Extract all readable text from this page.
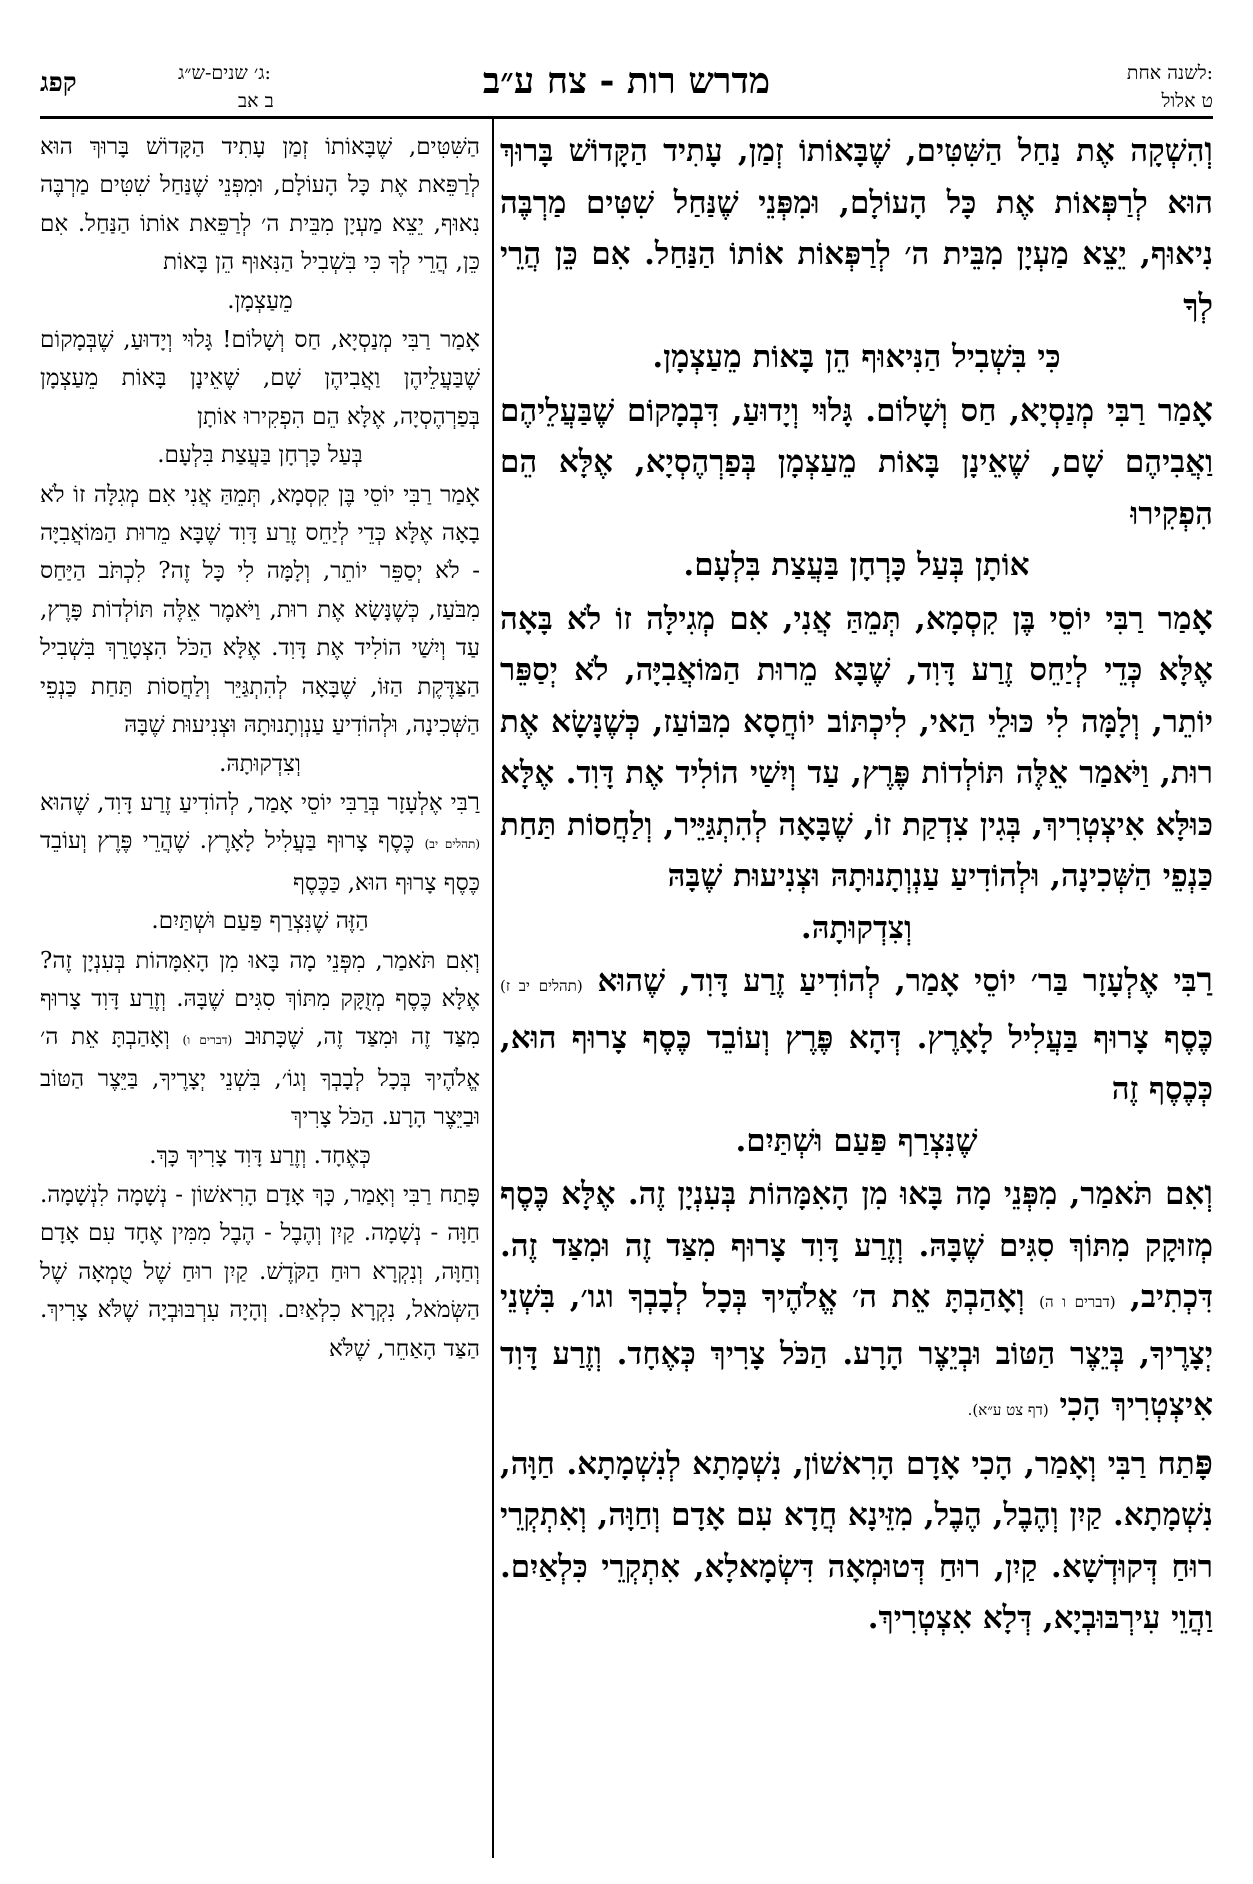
לשנה אחת:
ט אלול
מדרש רות - צח ע״ב
ג׳ שנים-ש״ג:
ב אב
קפג

וְהִשְׁקָה אֶת נַחַל הַשִּׁטִּים, שֶׁבָּאוֹתוֹ זְמַן, עָתִיד הַקָּדוֹשׁ בָּרוּךְ הוּא לְרַפְּאוֹת אֶת כָּל הָעוֹלָם, וּמִפְּנֵי שֶׁנַּחַל שִׁטִּים מַרְבֶּה נִיאוּף, יֵצֵא מַעְיָן מִבֵּית ה׳ לְרַפְּאוֹת אוֹתוֹ הַנַּחַל. אִם כֵּן הֲרֵי לְךָ

כִּי בִּשְׁבִיל הַנִּיאוּף הֵן בָּאוֹת מֵעַצְמָן.

אָמַר רַבִּי מְנַסְיָא, חַס וְשָׁלוֹם. גָּלוּי וְיָדוּעַ, דִּבְמָקוֹם שֶׁבַּעֲלֵיהֶם וַאֲבִיהֶם שָׁם, שֶׁאֵינָן בָּאוֹת מֵעַצְמָן בְּפַרְהֶסְיָא, אֶלָּא הֵם הִפְקִירוּ

אוֹתָן בְּעַל כָּרְחָן בַּעֲצַת בִּלְעָם.

אָמַר רַבִּי יוֹסֵי בֶּן קִסְמָא, תְּמֵהַּ אֲנִי, אִם מְגִילָּה זוֹ לֹא בָּאָה אֶלָּא כְּדֵי לְיַחֵס זֶרַע דָּוִד, שֶׁבָּא מֵרוּת הַמּוֹאֲבִיָּה, לֹא יְסַפֵּר יוֹתֵר, וְלָמָּה לִי כּוּלֵי הַאי, לִיכְתּוֹב יוֹחֲסָא מִבּוֹעַז, כְּשֶׁנָּשָׂא אֶת רוּת, וַיֹּאמַר אֵלֶּה תּוֹלְדוֹת פֶּרֶץ, עַד וְיִשַׁי הוֹלִיד אֶת דָּוִד. אֶלָּא כּוּלָּא אִיצְטְרִיךְ, בְּגִין צִדְקַת זוֹ, שֶׁבָּאָה לְהִתְגַּיֵּיר, וְלַחֲסוֹת תַּחַת כַּנְפֵי הַשְּׁכִינָה, וּלְהוֹדִיעַ עַנְוְתָנוּתָהּ וּצְנִיעוּת שֶׁבָּהּ

וְצִדְקוּתָהּ.

רַבִּי אֶלְעָזָר בַּר׳ יוֹסֵי אָמַר, לְהוֹדִיעַ זֶרַע דָּוִד, שֶׁהוּא (תהלים יב ז) כֶּסֶף צָרוּף בַּעֲלִיל לָאָרֶץ. דְּהָא פֶּרֶץ וְעוֹבֵד כֶּסֶף צָרוּף הוּא, כְּכֶסֶף זֶה

שֶׁנִּצְרַף פַּעַם וּשְׁתַּיִם.

וְאִם תֹּאמַר, מִפְּנֵי מָה בָּאוּ מִן הָאִמָּהוֹת בְּעִנְיָן זֶה. אֶלָּא כֶּסֶף מְזוּקָק מִתּוֹךְ סִגִּים שֶׁבָּהּ. וְזֶרַע דָּוִד צָרוּף מִצַּד זֶה וּמִצַּד זֶה. דִּכְתִיב, (דברים ו ה) וְאָהַבְתָּ אֵת ה׳ אֱלֹהֶיךָ בְּכָל לְבָבְךָ וגו׳, בִּשְׁנֵי יְצָרֶיךָ, בְּיֵצֶר הַטּוֹב וּבְיֵצֶר הָרָע. הַכֹּל צָרִיךְ כְּאֶחָד. וְזֶרַע דָּוִד אִיצְטְרִיךְ הָכִי (דף צט ע״א).

פָּתַח רַבִּי וְאָמַר, הָכִי אָדָם הָרִאשׁוֹן, נִשְׁמָתָא לְנִשְׁמָתָא. חַוָּה, נִשְׁמָתָא. קַיִן וְהֶבֶל, הֶבֶל, מִזֵּינָא חֲדָא עִם אָדָם וְחַוָּה, וְאִתְקְרֵי רוּחַ דְּקוּדְשָׁא. קַיִן, רוּחַ דְּטוּמְאָה דִּשְׂמָאלָא, אִתְקְרֵי כִּלְאַיִם. וַהֲוֵי עִירְבּוּבְיָא, דְּלָא אִצְטְרִיךְ.

הַשִּׁטִּים, שֶׁבָּאוֹתוֹ זְמַן עָתִיד הַקָּדוֹשׁ בָּרוּךְ הוּא לְרַפֵּאת אֶת כָּל הָעוֹלָם, וּמִפְּנֵי שֶׁנַּחַל שִׁטִּים מַרְבֶּה נִאוּף, יֵצֵא מַעְיָן מִבֵּית ה׳ לְרַפֵּאת אוֹתוֹ הַנַּחַל. אִם כֵּן, הֲרֵי לְךָ כִּי בִּשְׁבִיל הַנִּאוּף הֵן בָּאוֹת

מֵעַצְמָן.

אָמַר רַבִּי מְנַסְיָא, חַס וְשָׁלוֹם! גָּלוּי וְיָדוּעַ, שֶׁבְּמָקוֹם שֶׁבַּעֲלֵיהֶן וַאֲבִיהֶן שָׁם, שֶׁאֵינָן בָּאוֹת מֵעַצְמָן בְּפַרְהֶסְיָה, אֶלָּא הֵם הִפְקִירוּ אוֹתָן

בְּעַל כָּרְחָן בַּעֲצַת בִּלְעָם.

אָמַר רַבִּי יוֹסֵי בֶּן קִסְמָא, תְּמֵהַּ אֲנִי אִם מְגִלָּה זוֹ לֹא בָאָה אֶלָּא כְּדֵי לְיַחֵס זֶרַע דָּוִד שֶׁבָּא מֵרוּת הַמּוֹאֲבִיָּה - לֹא יְסַפֵּר יוֹתֵר, וְלָמָּה לִי כָּל זֶה? לִכְתֹּב הַיַּחַס מִבֹּעַז, כְּשֶׁנָּשָׂא אֶת רוּת, וַיֹּאמֶר אֵלֶּה תּוֹלְדוֹת פָּרֶץ, עַד וְיִשַׁי הוֹלִיד אֶת דָּוִד. אֶלָּא הַכֹּל הִצְטָרֵךְ בִּשְׁבִיל הַצַּדֶּקֶת הַזּוֹ, שֶׁבָּאָה לְהִתְגַּיֵּר וְלַחֲסוֹת תַּחַת כַּנְפֵי הַשְּׁכִינָה, וּלְהוֹדִיעַ עַנְוְתָנוּתָהּ וּצְנִיעוּת שֶׁבָּהּ

וְצִדְקוּתָהּ.

רַבִּי אֶלְעָזָר בְּרַבִּי יוֹסֵי אָמַר, לְהוֹדִיעַ זֶרַע דָּוִד, שֶׁהוּא (תהלים יב) כֶּסֶף צָרוּף בַּעֲלִיל לָאָרֶץ. שֶׁהֲרֵי פֶּרֶץ וְעוֹבֵד כֶּסֶף צָרוּף הוּא, כַּכֶּסֶף

הַזֶּה שֶׁנִּצְרַף פַּעַם וּשְׁתַּיִם.

וְאִם תֹּאמַר, מִפְּנֵי מָה בָּאוּ מִן הָאִמָּהוֹת בְּעִנְיָן זֶה? אֶלָּא כֶּסֶף מְזֻקָּק מִתּוֹךְ סִגִּים שֶׁבָּהּ. וְזֶרַע דָּוִד צָרוּף מִצַּד זֶה וּמִצַּד זֶה, שֶׁכָּתוּב (דברים ו) וְאָהַבְתָּ אֵת ה׳ אֱלֹהֶיךָ בְּכָל לְבָבְךָ וְגוֹ׳, בִּשְׁנֵי יְצָרֶיךָ, בַּיֵּצֶר הַטּוֹב וּבַיֵּצֶר הָרָע. הַכֹּל צָרִיךְ

כְּאֶחָד. וְזֶרַע דָּוִד צָרִיךְ כָּךְ.

פָּתַח רַבִּי וְאָמַר, כָּךְ אָדָם הָרִאשׁוֹן - נְשָׁמָה לִנְשָׁמָה. חַוָּה - נְשָׁמָה. קַיִן וְהֶבֶל - הֶבֶל מִמִּין אֶחָד עִם אָדָם וְחַוָּה, וְנִקְרָא רוּחַ הַקֹּדֶשׁ. קַיִן רוּחַ שֶׁל טֻמְאָה שֶׁל הַשְּׂמֹאל, נִקְרָא כִלְאַיִם. וְהָיָה עִרְבּוּבְיָה שֶׁלֹּא צָרִיךְ. הַצַּד הָאַחֵר, שֶׁלֹּא
